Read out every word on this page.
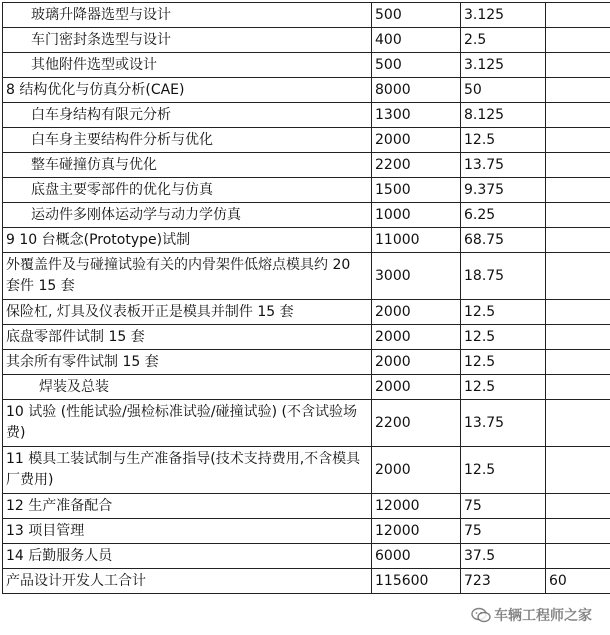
玻璃升降器选型与设计	500	3.125	
车门密封条选型与设计	400	2.5	
其他附件选型或设计	500	3.125	
8 结构优化与仿真分析(CAE)	8000	50	
白车身结构有限元分析	1300	8.125	
白车身主要结构件分析与优化	2000	12.5	
整车碰撞仿真与优化	2200	13.75	
底盘主要零部件的优化与仿真	1500	9.375	
运动件多刚体运动学与动力学仿真	1000	6.25	
9 10 台概念(Prototype)试制	11000	68.75	
外覆盖件及与碰撞试验有关的内骨架件低熔点模具约 20 套件 15 套	3000	18.75	
保险杠, 灯具及仪表板开正是模具并制件 15 套	2000	12.5	
底盘零部件试制 15 套	2000	12.5	
其余所有零件试制 15 套	2000	12.5	
焊装及总装	2000	12.5	
10 试验 (性能试验/强检标准试验/碰撞试验) (不含试验场费)	2200	13.75	
11 模具工装试制与生产准备指导(技术支持费用,不含模具厂费用)	2000	12.5	
12 生产准备配合	12000	75	
13 项目管理	12000	75	
14 后勤服务人员	6000	37.5	
产品设计开发人工合计	115600	723	60
车辆工程师之家
